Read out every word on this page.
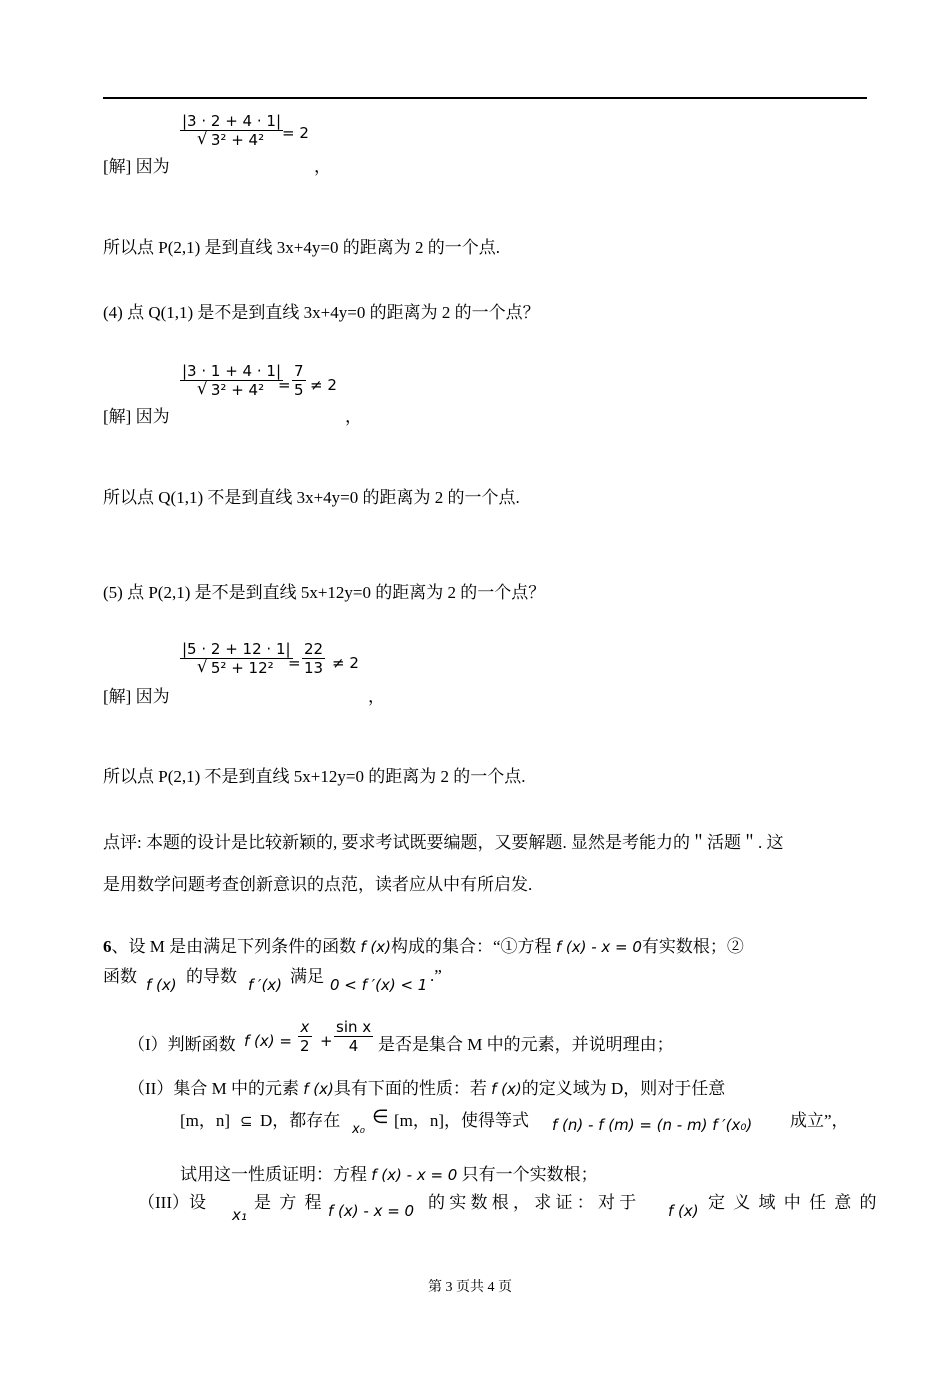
[解] 因为
|3 · 2 + 4 · 1|
√ 3² + 4²	= 2
，
所以点 P(2,1) 是到直线 3x+4y=0 的距离为 2 的一个点.
(4) 点 Q(1,1) 是不是到直线 3x+4y=0 的距离为 2 的一个点？
[解] 因为
|3 · 1 + 4 · 1|
√ 3² + 4² =
7
5 ≠ 2
，
所以点 Q(1,1) 不是到直线 3x+4y=0 的距离为 2 的一个点.
(5) 点 P(2,1) 是不是到直线 5x+12y=0 的距离为 2 的一个点？
[解] 因为
|5 · 2 + 12 · 1|
√ 5² + 12² =
22
13 ≠ 2
，
所以点 P(2,1) 不是到直线 5x+12y=0 的距离为 2 的一个点.
点评: 本题的设计是比较新颖的, 要求考试既要编题，又要解题. 显然是考能力的＂活题＂. 这
是用数学问题考查创新意识的点范，读者应从中有所启发.
6、设 M 是由满足下列条件的函数 f (x)构成的集合：“①方程 f (x) - x = 0有实数根；②
函数 f (x) 的导数 f ′(x) 满足 0 < f ′(x) < 1 .”
（I）判断函数 f (x) =
x
2 +
sin x
4	是否是集合 M 中的元素，并说明理由；
（II）集合 M 中的元素 f (x)具有下面的性质：若 f (x)的定义域为 D，则对于任意
[m，n] ⊆ D，都存在 x₀
∈ [m，n]，使得等式 f (n) - f (m) = (n - m) f ′(x₀) 成立”，
试用这一性质证明：方程 f (x) - x = 0 只有一个实数根；
（III）设
x₁
是 方 程 f (x) - x = 0 的 实 数 根 ， 求 证 ： 对 于 f (x) 定 义 域 中 任 意 的
第 3 页共 4 页
